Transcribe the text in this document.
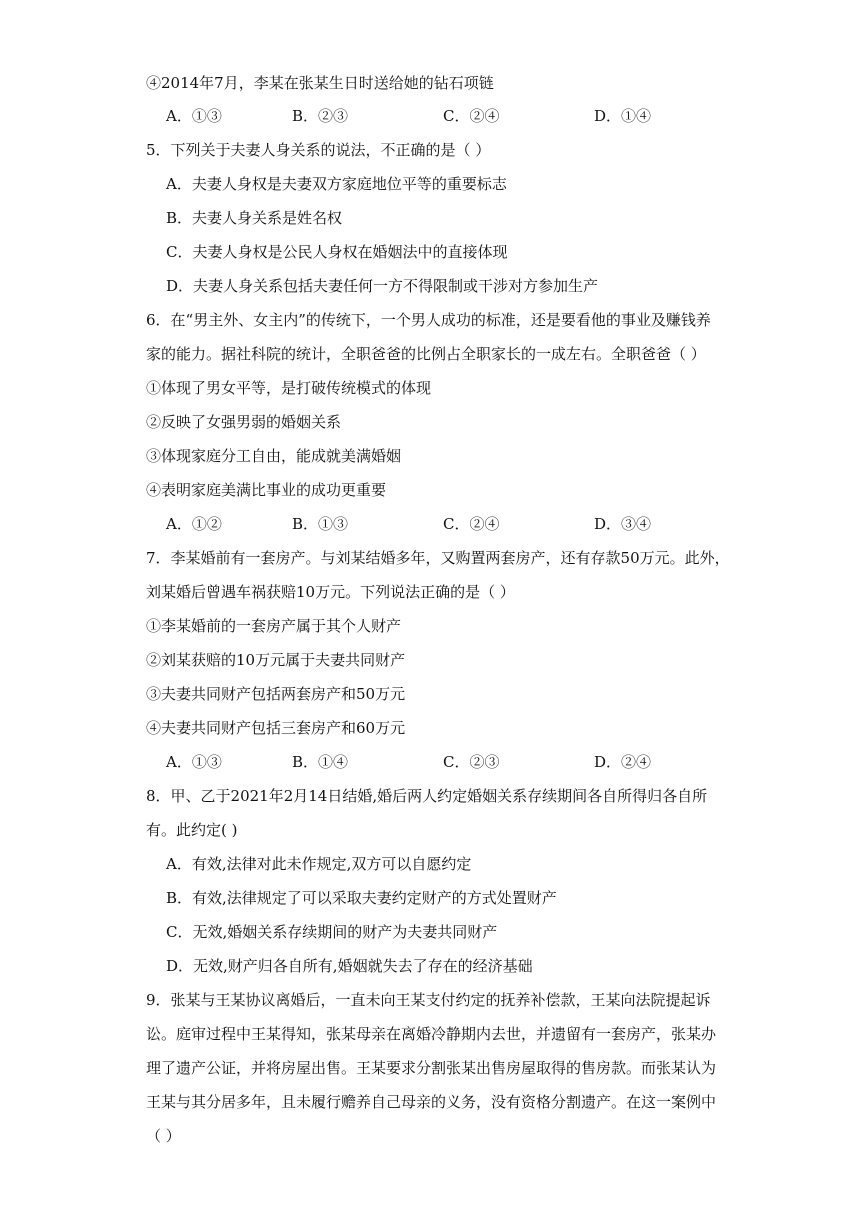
④2014年7月，李某在张某生日时送给她的钻石项链
A．①③	B．②③	C．②④	D．①④
5．下列关于夫妻人身关系的说法，不正确的是（ ）
A．夫妻人身权是夫妻双方家庭地位平等的重要标志
B．夫妻人身关系是姓名权
C．夫妻人身权是公民人身权在婚姻法中的直接体现
D．夫妻人身关系包括夫妻任何一方不得限制或干涉对方参加生产
6．在“男主外、女主内”的传统下，一个男人成功的标准，还是要看他的事业及赚钱养
家的能力。据社科院的统计，全职爸爸的比例占全职家长的一成左右。全职爸爸（ ）
①体现了男女平等，是打破传统模式的体现
②反映了女强男弱的婚姻关系
③体现家庭分工自由，能成就美满婚姻
④表明家庭美满比事业的成功更重要
A．①②	B．①③	C．②④	D．③④
7．李某婚前有一套房产。与刘某结婚多年，又购置两套房产，还有存款50万元。此外，
刘某婚后曾遇车祸获赔10万元。下列说法正确的是（ ）
①李某婚前的一套房产属于其个人财产
②刘某获赔的10万元属于夫妻共同财产
③夫妻共同财产包括两套房产和50万元
④夫妻共同财产包括三套房产和60万元
A．①③	B．①④	C．②③	D．②④
8．甲、乙于2021年2月14日结婚,婚后两人约定婚姻关系存续期间各自所得归各自所
有。此约定( )
A．有效,法律对此未作规定,双方可以自愿约定
B．有效,法律规定了可以采取夫妻约定财产的方式处置财产
C．无效,婚姻关系存续期间的财产为夫妻共同财产
D．无效,财产归各自所有,婚姻就失去了存在的经济基础
9．张某与王某协议离婚后，一直未向王某支付约定的抚养补偿款，王某向法院提起诉
讼。庭审过程中王某得知，张某母亲在离婚冷静期内去世，并遗留有一套房产，张某办
理了遗产公证，并将房屋出售。王某要求分割张某出售房屋取得的售房款。而张某认为
王某与其分居多年，且未履行赡养自己母亲的义务，没有资格分割遗产。在这一案例中
（ ）
